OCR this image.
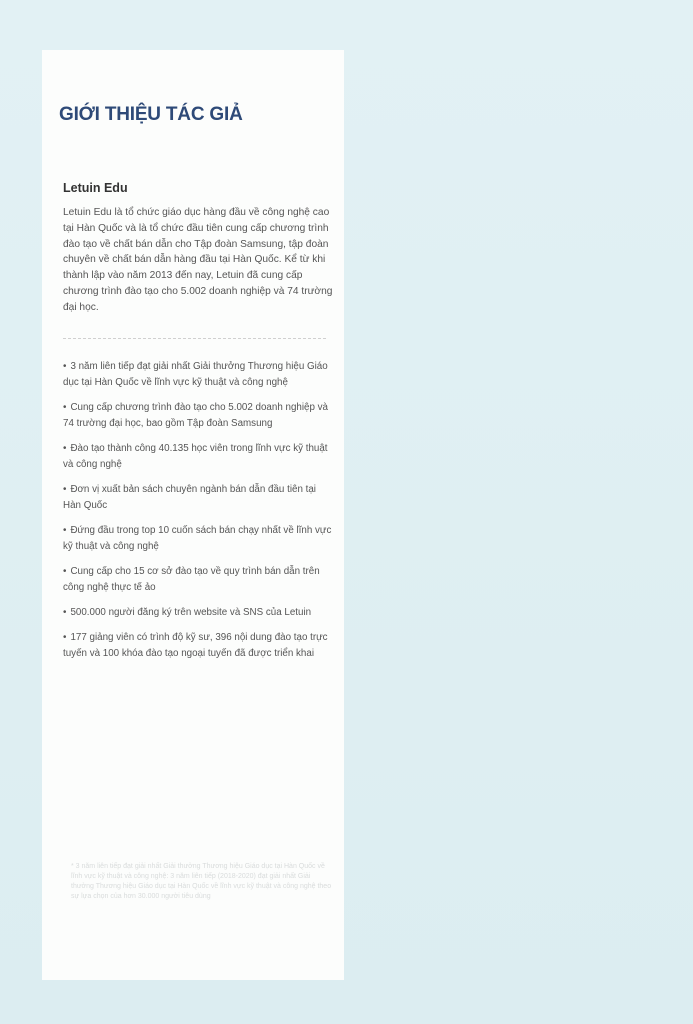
GIỚI THIỆU TÁC GIẢ
Letuin Edu

Letuin Edu là tổ chức giáo dục hàng đầu về công nghệ cao tại Hàn Quốc và là tổ chức đầu tiên cung cấp chương trình đào tạo về chất bán dẫn cho Tập đoàn Samsung, tập đoàn chuyên về chất bán dẫn hàng đầu tại Hàn Quốc. Kể từ khi thành lập vào năm 2013 đến nay, Letuin đã cung cấp chương trình đào tạo cho 5.002 doanh nghiệp và 74 trường đại học.

• 3 năm liên tiếp đạt giải nhất Giải thưởng Thương hiệu Giáo dục tại Hàn Quốc về lĩnh vực kỹ thuật và công nghệ
• Cung cấp chương trình đào tạo cho 5.002 doanh nghiệp và 74 trường đại học, bao gồm Tập đoàn Samsung
• Đào tạo thành công 40.135 học viên trong lĩnh vực kỹ thuật và công nghệ
• Đơn vị xuất bản sách chuyên ngành bán dẫn đầu tiên tại Hàn Quốc
• Đứng đầu trong top 10 cuốn sách bán chạy nhất về lĩnh vực kỹ thuật và công nghệ
• Cung cấp cho 15 cơ sở đào tạo về quy trình bán dẫn trên công nghệ thực tế ảo
• 500.000 người đăng ký trên website và SNS của Letuin
• 177 giảng viên có trình độ kỹ sư, 396 nội dung đào tạo trực tuyến và 100 khóa đào tạo ngoại tuyến đã được triển khai

* 3 năm liên tiếp đạt giải nhất Giải thưởng Thương hiệu Giáo dục tại Hàn Quốc về lĩnh vực kỹ thuật và công nghệ: 3 năm liên tiếp (2018-2020) đạt giải nhất Giải thưởng Thương hiệu Giáo dục tại Hàn Quốc về lĩnh vực kỹ thuật và công nghệ theo sự lựa chọn của hơn 30.000 người tiêu dùng
